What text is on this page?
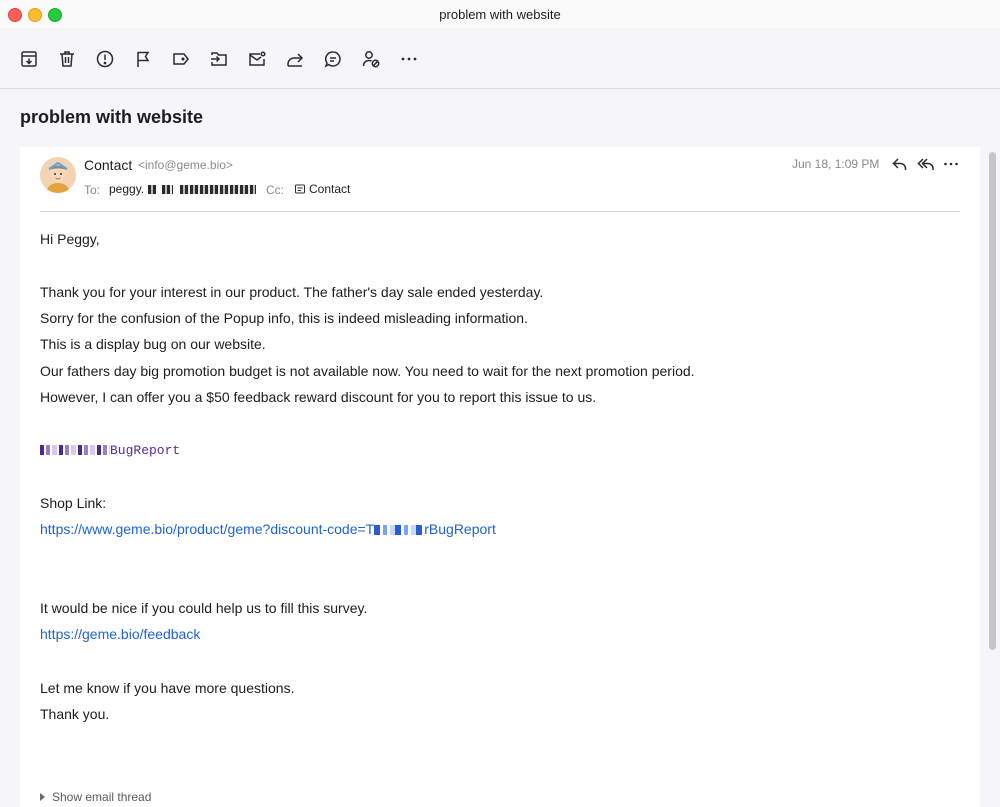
problem with website
problem with website
Contact <info@geme.bio>
To: peggy.	Cc: Contact
Jun 18, 1:09 PM
Hi Peggy,
Thank you for your interest in our product. The father's day sale ended yesterday.
Sorry for the confusion of the Popup info, this is indeed misleading information.
This is a display bug on our website.
Our fathers day big promotion budget is not available now. You need to wait for the next promotion period.
However, I can offer you a $50 feedback reward discount for you to report this issue to us.
BugReport
Shop Link:
https://www.geme.bio/product/geme?discount-code=T	rBugReport
It would be nice if you could help us to fill this survey.
https://geme.bio/feedback
Let me know if you have more questions.
Thank you.
Show email thread
